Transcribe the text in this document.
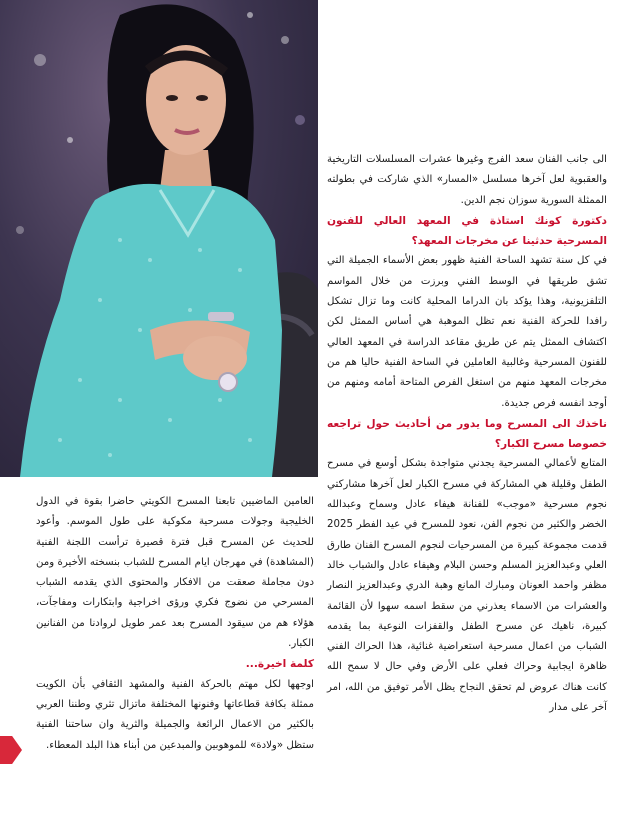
الى جانب الفنان سعد الفرج وغيرها عشرات المسلسلات التاريخية والعقبوية لعل آخرها مسلسل «المسار» الذي شاركت في بطولته الممثلة السورية سوزان نجم الدين.

دكتورة كونك استاذة في المعهد العالي للفنون المسرحية حدثينا عن مخرجات المعهد؟

في كل سنة تشهد الساحة الفنية ظهور بعض الأسماء الجميلة التي تشق طريقها في الوسط الفني وبرزت من خلال المواسم التلفزيونية، وهذا يؤكد بان الدراما المحلية كانت وما تزال تشكل رافدا للحركة الفنية نعم تظل الموهبة هي أساس الممثل لكن اكتشاف الممثل يتم عن طريق مقاعد الدراسة في المعهد العالي للفنون المسرحية وغالبية العاملين في الساحة الفنية حاليا هم من مخرجات المعهد منهم من استغل الفرص المتاحة أمامه ومنهم من أوجد انفسه فرص جديدة.

ناخذك الى المسرح وما يدور من أحاديث حول تراجعه خصوصا مسرح الكبار؟

المتابع لأعمالي المسرحية يجدني متواجدة بشكل أوسع في مسرح الطفل وقليلة هي المشاركة في مسرح الكبار لعل آخرها مشاركتي نجوم مسرحية «موجب» للفنانة هيفاء عادل وسماح وعبدالله الخضر والكثير من نجوم الفن، نعود للمسرح في عيد الفطر 2025 قدمت مجموعة كبيرة من المسرحيات لنجوم المسرح الفنان طارق العلي وعبدالعزيز المسلم وحسن البلام وهيفاء عادل والشباب خالد مظفر واحمد العونان ومبارك المانع وهبة الدري وعبدالعزيز النصار والعشرات من الاسماء يعذرني من سقط اسمه سهوا لأن القائمة كبيرة، ناهيك عن مسرح الطفل والقفزات النوعية بما يقدمه الشباب من اعمال مسرحية استعراضية غنائية، هذا الحراك الفني ظاهرة ايجابية وحراك فعلي على الأرض وفي حال لا سمح الله كانت هناك عروض لم تحقق النجاح يظل الأمر توفيق من الله، امر آخر على مدار

العامين الماضيين تابعنا المسرح الكويتي حاضرا بقوة في الدول الخليجية وجولات مسرحية مكوكية على طول الموسم. وأعود للحديث عن المسرح قبل فترة قصيرة ترأست اللجنة الفنية (المشاهدة) في مهرجان ايام المسرح للشباب بنسخته الأخيرة ومن دون مجاملة صعقت من الافكار والمحتوى الذي يقدمه الشباب المسرحي من نضوج فكري ورؤى اخراجية وابتكارات ومفاجآت، هؤلاء هم من سيقود المسرح بعد عمر طويل لروادنا من الفنانين الكبار.

كلمة اخيرة...

اوجهها لكل مهتم بالحركة الفنية والمشهد الثقافي بأن الكويت ممثلة بكافة قطاعاتها وفنونها المختلفة ماتزال تثري وطننا العربي بالكثير من الاعمال الرائعة والجميلة والثرية وان ساحتنا الفنية ستظل «ولادة» للموهوبين والمبدعين من أبناء هذا البلد المعطاء.
